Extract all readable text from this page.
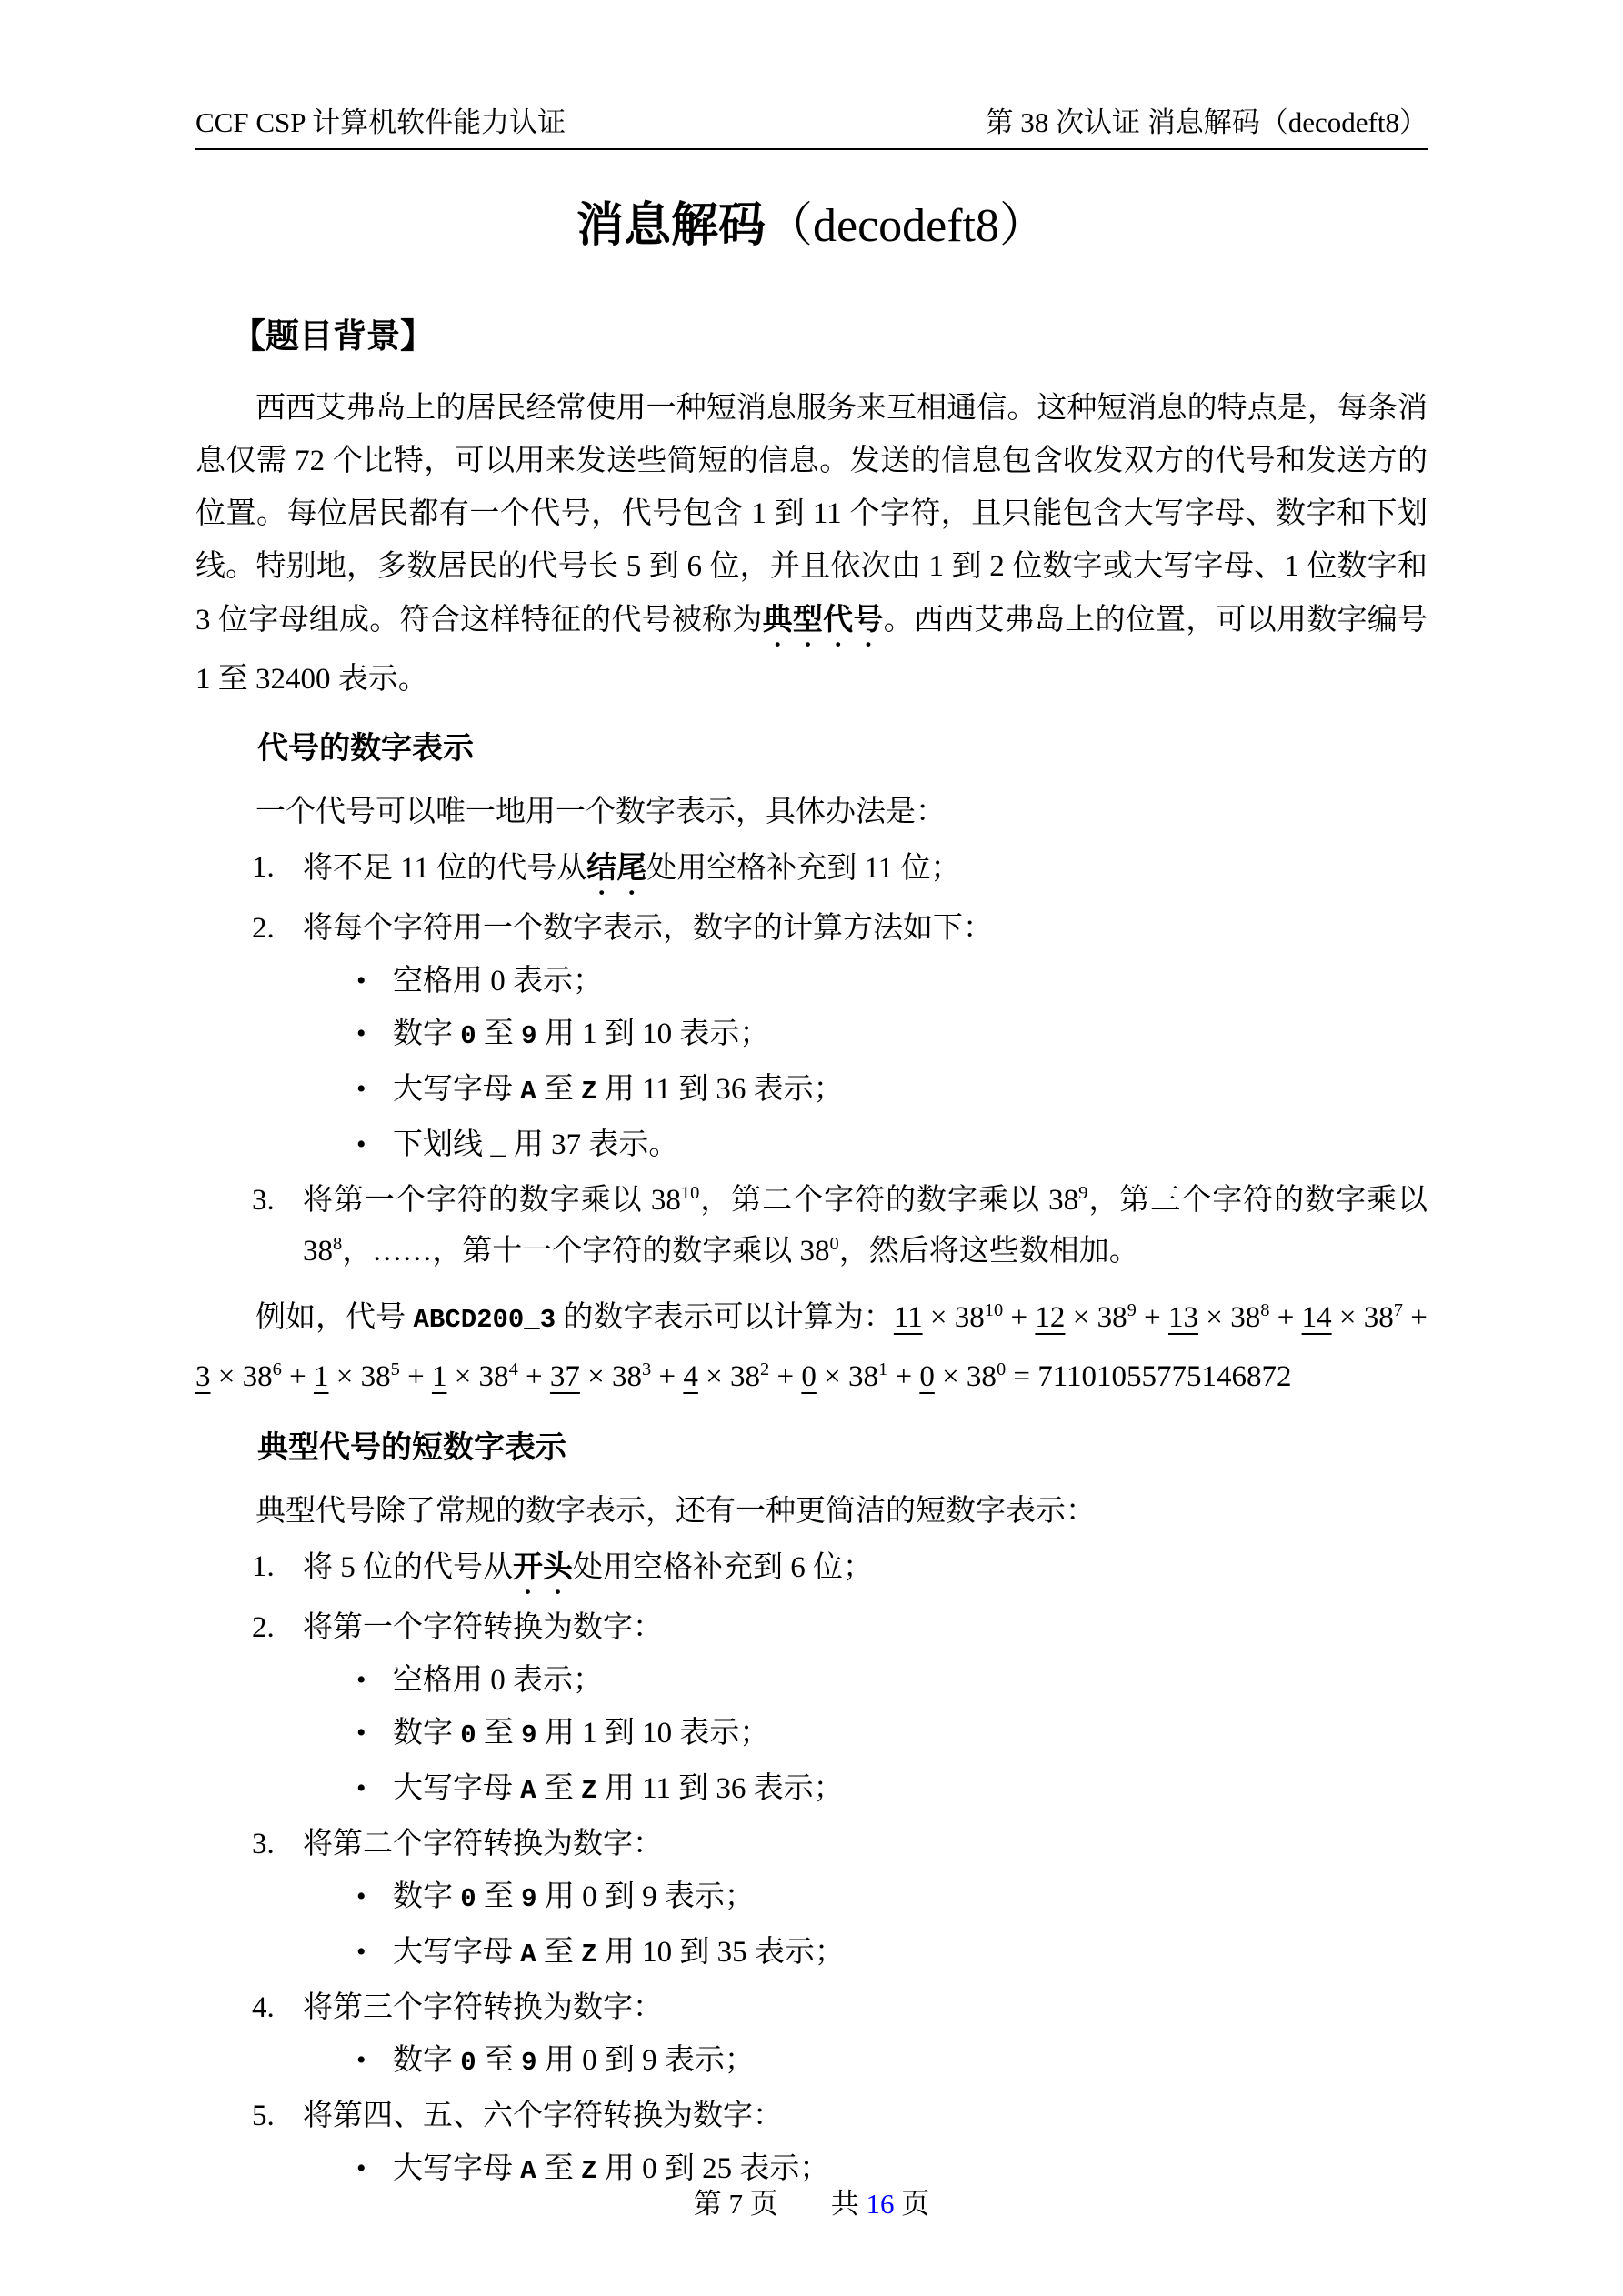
CCF CSP 计算机软件能力认证	第 38 次认证 消息解码（decodeft8）
消息解码（decodeft8）
【题目背景】

西西艾弗岛上的居民经常使用一种短消息服务来互相通信。这种短消息的特点是，每条消息仅需 72 个比特，可以用来发送些简短的信息。发送的信息包含收发双方的代号和发送方的位置。每位居民都有一个代号，代号包含 1 到 11 个字符，且只能包含大写字母、数字和下划线。特别地，多数居民的代号长 5 到 6 位，并且依次由 1 到 2 位数字或大写字母、1 位数字和 3 位字母组成。符合这样特征的代号被称为典型代号。西西艾弗岛上的位置，可以用数字编号 1 至 32400 表示。

代号的数字表示

一个代号可以唯一地用一个数字表示，具体办法是：

1. 将不足 11 位的代号从结尾处用空格补充到 11 位；
2. 将每个字符用一个数字表示，数字的计算方法如下：
• 空格用 0 表示；
• 数字 0 至 9 用 1 到 10 表示；
• 大写字母 A 至 Z 用 11 到 36 表示；
• 下划线 _ 用 37 表示。
3. 将第一个字符的数字乘以 $38^{10}$，第二个字符的数字乘以 $38^9$，第三个字符的数字乘以 $38^8$，……，第十一个字符的数字乘以 $38^0$，然后将这些数相加。

例如，代号 ABCD200_3 的数字表示可以计算为：$11 \times 38^{10} + 12 \times 38^9 + 13 \times 38^8 + 14 \times 38^7 + 3 \times 38^6 + 1 \times 38^5 + 1 \times 38^4 + 37 \times 38^3 + 4 \times 38^2 + 0 \times 38^1 + 0 \times 38^0 = 71101055775146872$

典型代号的短数字表示

典型代号除了常规的数字表示，还有一种更简洁的短数字表示：

1. 将 5 位的代号从开头处用空格补充到 6 位；
2. 将第一个字符转换为数字：
• 空格用 0 表示；
• 数字 0 至 9 用 1 到 10 表示；
• 大写字母 A 至 Z 用 11 到 36 表示；
3. 将第二个字符转换为数字：
• 数字 0 至 9 用 0 到 9 表示；
• 大写字母 A 至 Z 用 10 到 35 表示；
4. 将第三个字符转换为数字：
• 数字 0 至 9 用 0 到 9 表示；
5. 将第四、五、六个字符转换为数字：
• 大写字母 A 至 Z 用 0 到 25 表示；
第 7 页 共 16 页
